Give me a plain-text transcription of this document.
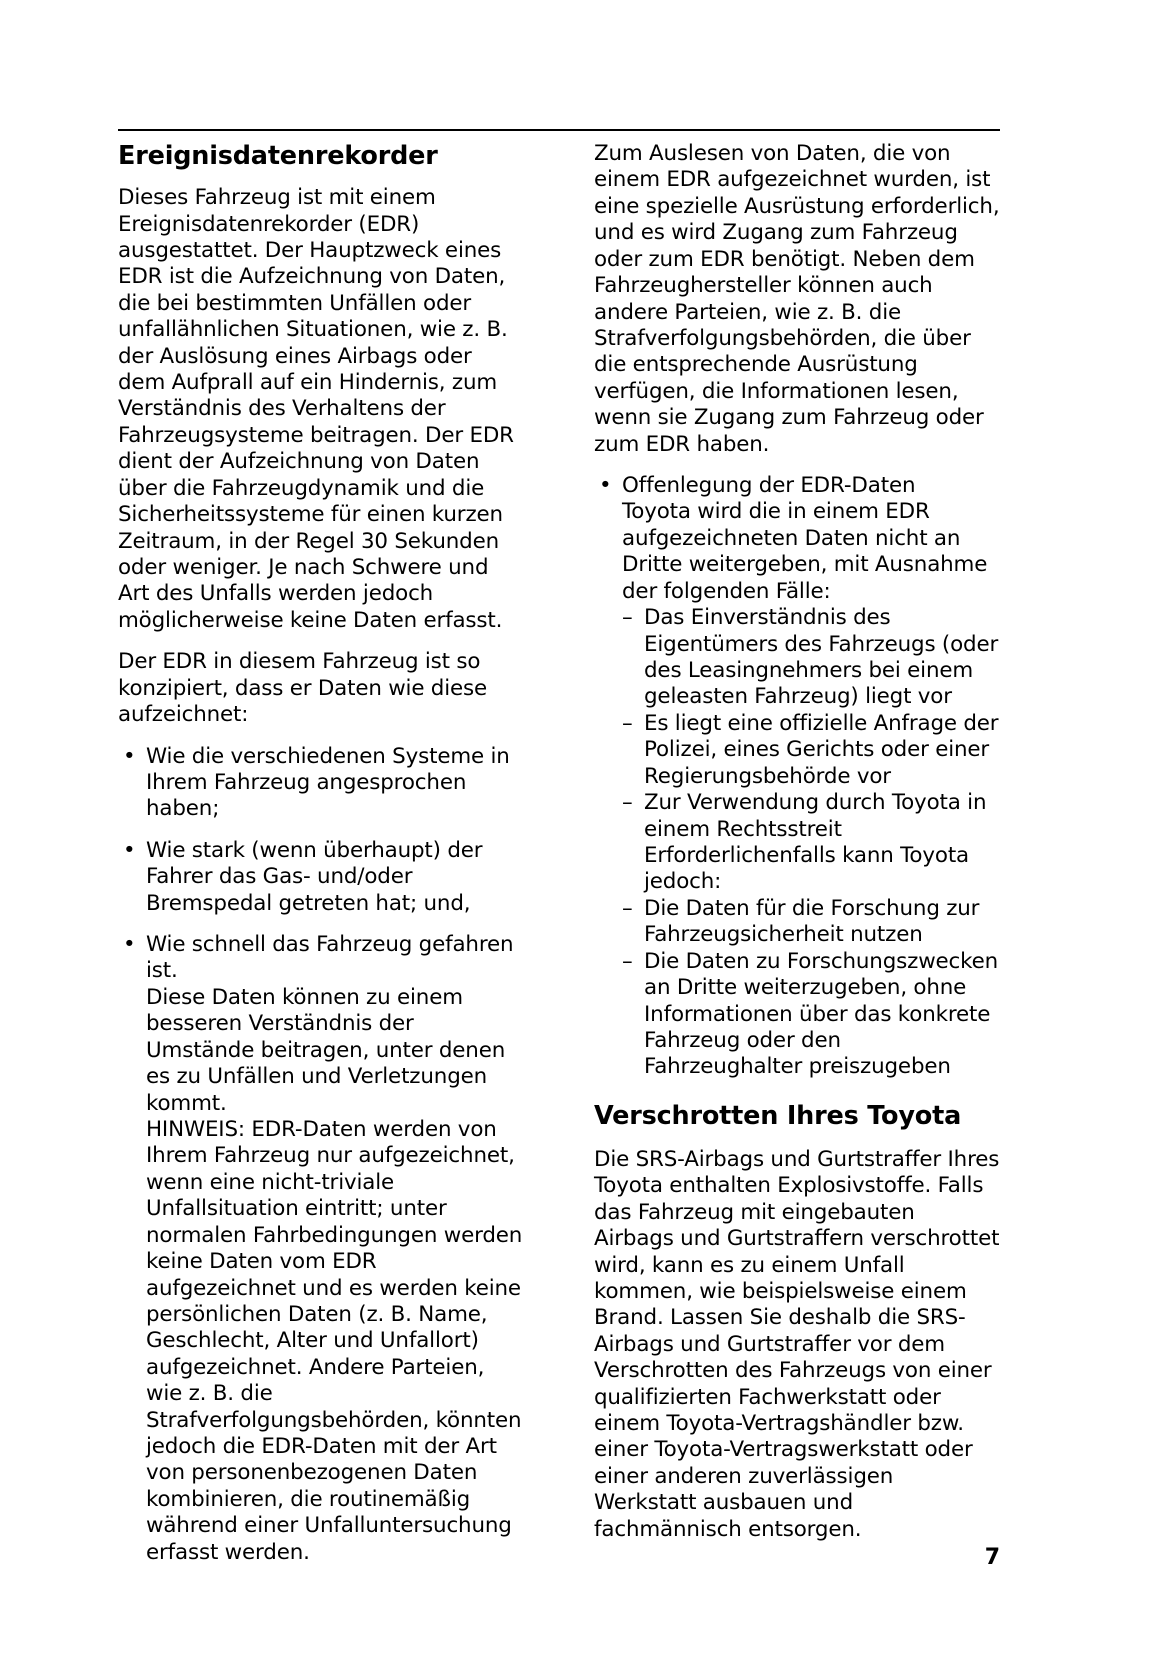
Ereignisdatenrekorder

Dieses Fahrzeug ist mit einem Ereignisdatenrekorder (EDR) ausgestattet. Der Hauptzweck eines EDR ist die Aufzeichnung von Daten, die bei bestimmten Unfällen oder unfallähnlichen Situationen, wie z. B. der Auslösung eines Airbags oder dem Aufprall auf ein Hindernis, zum Verständnis des Verhaltens der Fahrzeugsysteme beitragen. Der EDR dient der Aufzeichnung von Daten über die Fahrzeugdynamik und die Sicherheitssysteme für einen kurzen Zeitraum, in der Regel 30 Sekunden oder weniger. Je nach Schwere und Art des Unfalls werden jedoch möglicherweise keine Daten erfasst.

Der EDR in diesem Fahrzeug ist so konzipiert, dass er Daten wie diese aufzeichnet:

• Wie die verschiedenen Systeme in Ihrem Fahrzeug angesprochen haben;
• Wie stark (wenn überhaupt) der Fahrer das Gas- und/oder Bremspedal getreten hat; und,
• Wie schnell das Fahrzeug gefahren ist.
Diese Daten können zu einem besseren Verständnis der Umstände beitragen, unter denen es zu Unfällen und Verletzungen kommt.
HINWEIS: EDR-Daten werden von Ihrem Fahrzeug nur aufgezeichnet, wenn eine nicht-triviale Unfallsituation eintritt; unter normalen Fahrbedingungen werden keine Daten vom EDR aufgezeichnet und es werden keine persönlichen Daten (z. B. Name, Geschlecht, Alter und Unfallort) aufgezeichnet. Andere Parteien, wie z. B. die Strafverfolgungsbehörden, könnten jedoch die EDR-Daten mit der Art von personenbezogenen Daten kombinieren, die routinemäßig während einer Unfalluntersuchung erfasst werden.

Zum Auslesen von Daten, die von einem EDR aufgezeichnet wurden, ist eine spezielle Ausrüstung erforderlich, und es wird Zugang zum Fahrzeug oder zum EDR benötigt. Neben dem Fahrzeughersteller können auch andere Parteien, wie z. B. die Strafverfolgungsbehörden, die über die entsprechende Ausrüstung verfügen, die Informationen lesen, wenn sie Zugang zum Fahrzeug oder zum EDR haben.

• Offenlegung der EDR-Daten
Toyota wird die in einem EDR aufgezeichneten Daten nicht an Dritte weitergeben, mit Ausnahme der folgenden Fälle:
– Das Einverständnis des Eigentümers des Fahrzeugs (oder des Leasingnehmers bei einem geleasten Fahrzeug) liegt vor
– Es liegt eine offizielle Anfrage der Polizei, eines Gerichts oder einer Regierungsbehörde vor
– Zur Verwendung durch Toyota in einem Rechtsstreit Erforderlichenfalls kann Toyota jedoch:
– Die Daten für die Forschung zur Fahrzeugsicherheit nutzen
– Die Daten zu Forschungszwecken an Dritte weiterzugeben, ohne Informationen über das konkrete Fahrzeug oder den Fahrzeughalter preiszugeben
Verschrotten Ihres Toyota

Die SRS-Airbags und Gurtstraffer Ihres Toyota enthalten Explosivstoffe. Falls das Fahrzeug mit eingebauten Airbags und Gurtstraffern verschrottet wird, kann es zu einem Unfall kommen, wie beispielsweise einem Brand. Lassen Sie deshalb die SRS-Airbags und Gurtstraffer vor dem Verschrotten des Fahrzeugs von einer qualifizierten Fachwerkstatt oder einem Toyota-Vertragshändler bzw. einer Toyota-Vertragswerkstatt oder einer anderen zuverlässigen Werkstatt ausbauen und fachmännisch entsorgen.

7
